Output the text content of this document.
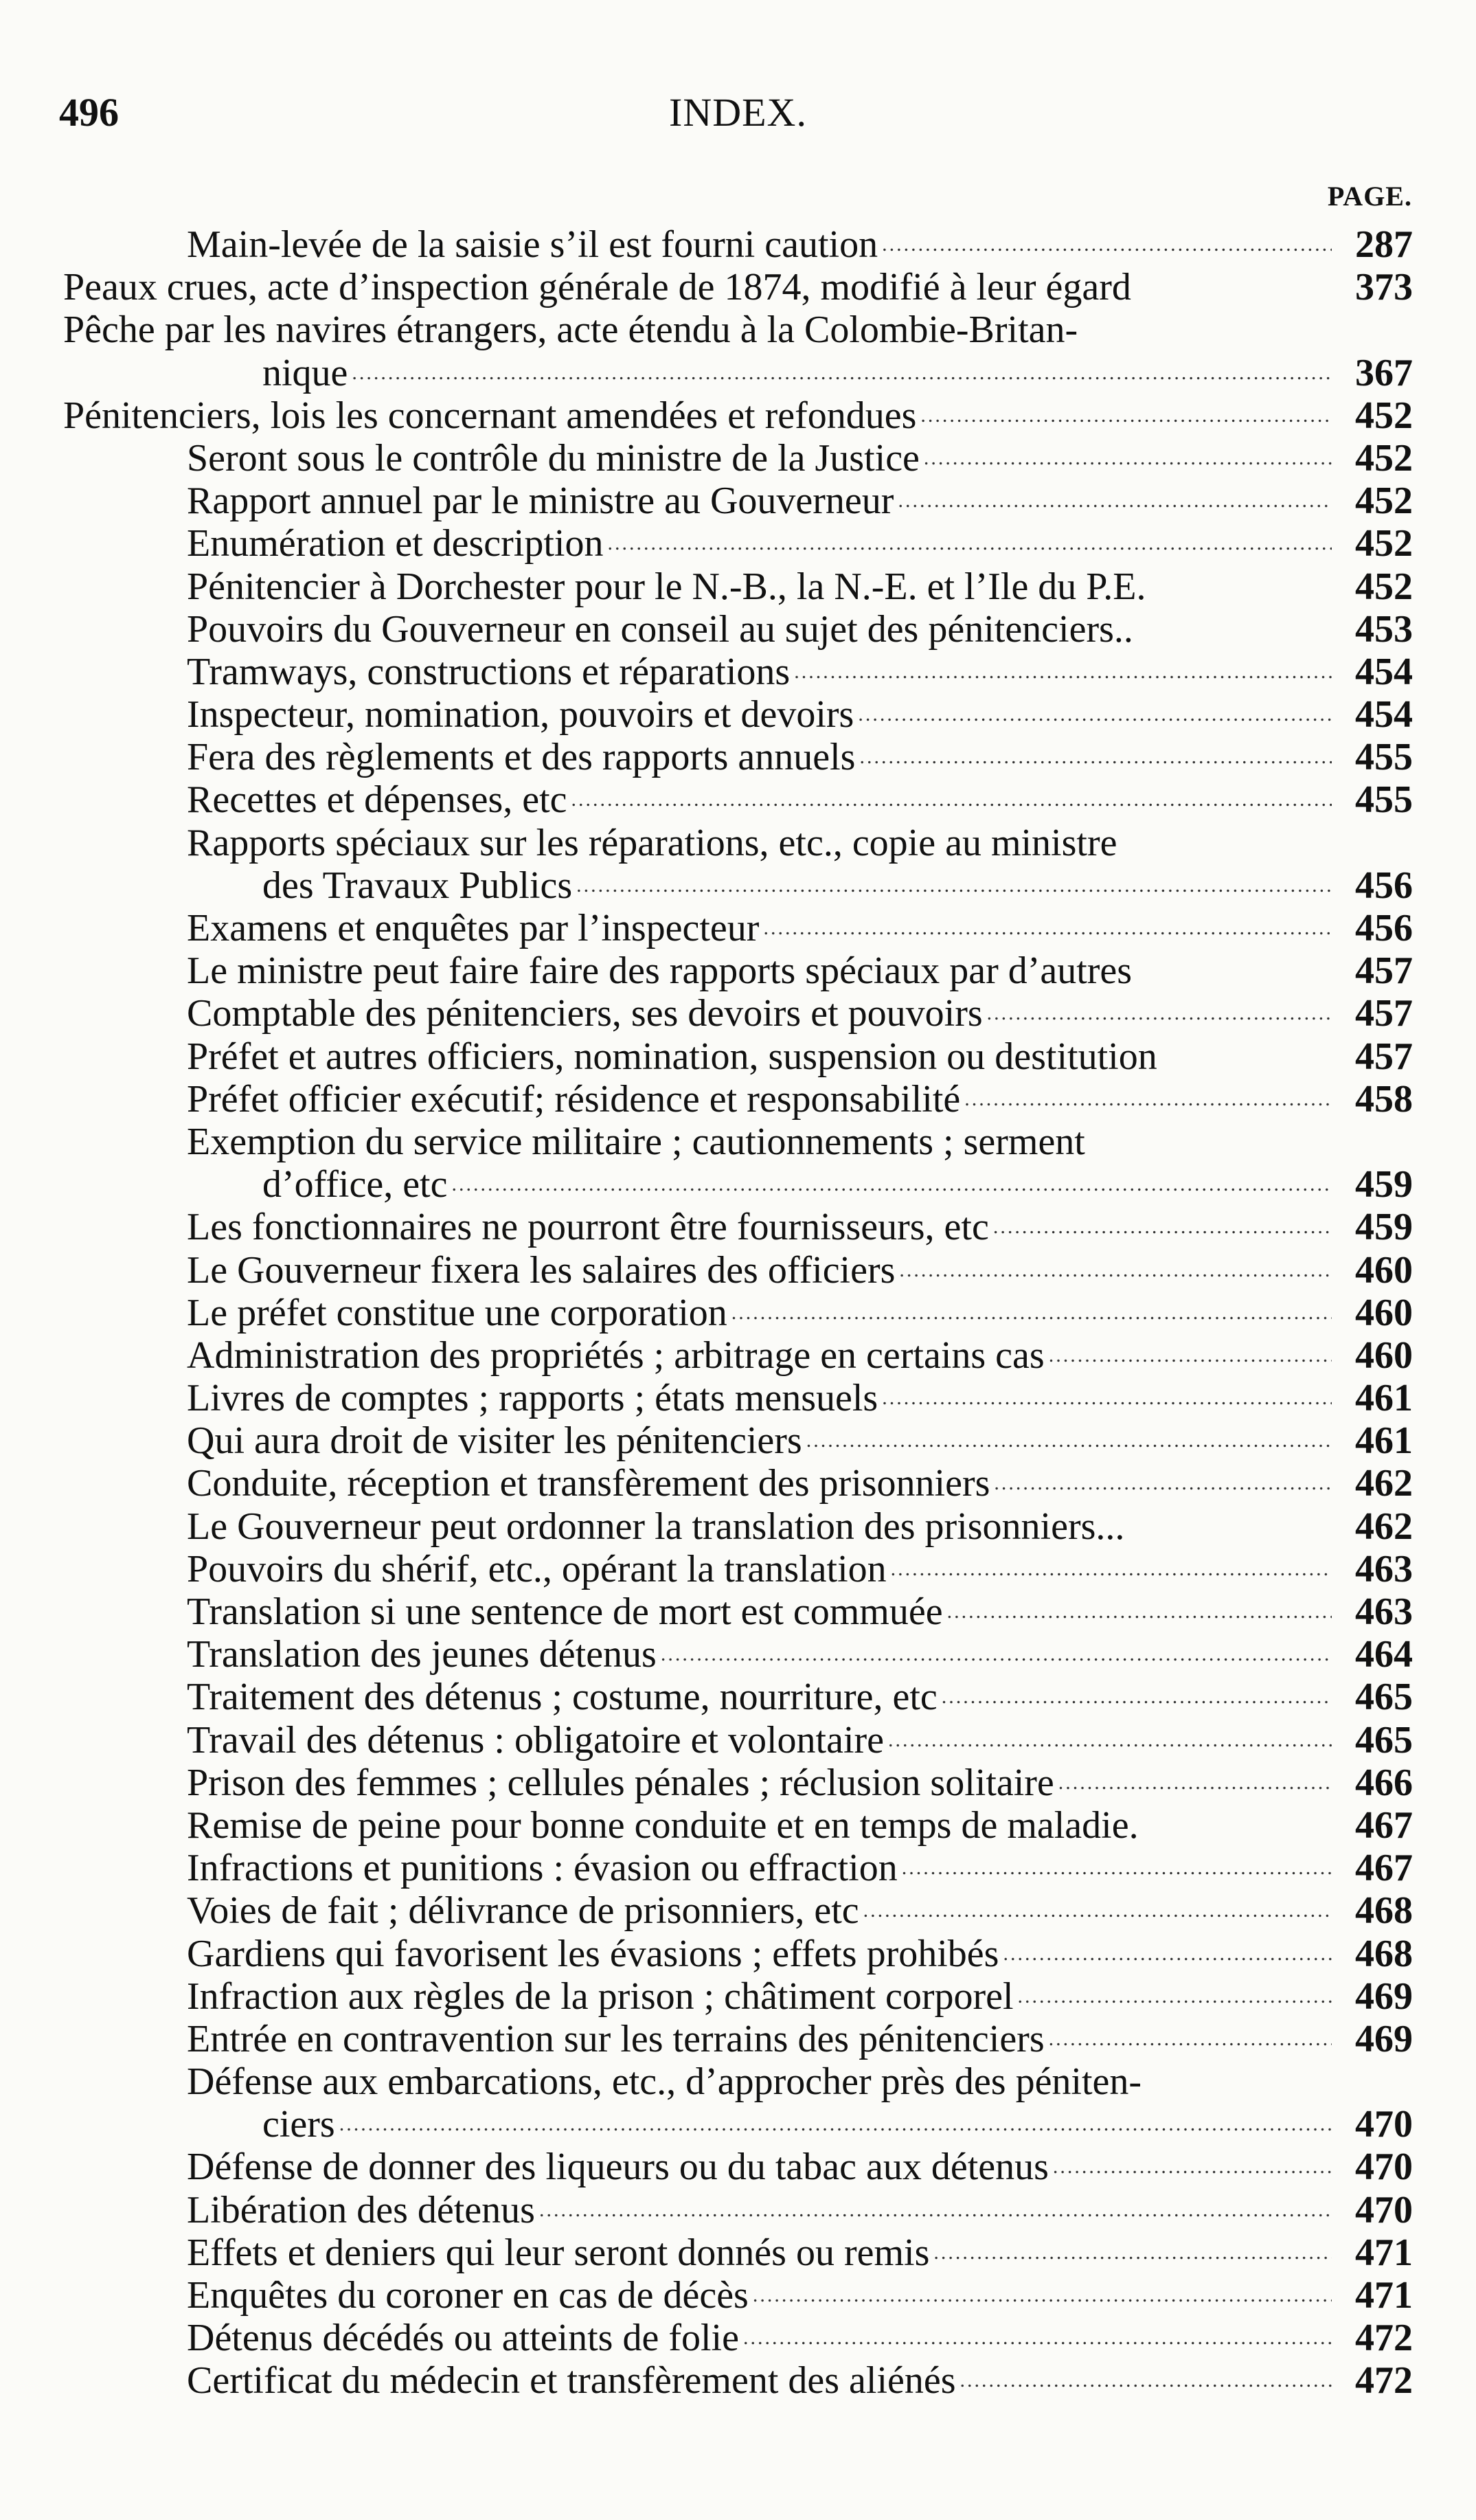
496	INDEX.
PAGE.
Main-levée de la saisie s’il est fourni caution .....	287
Peaux crues, acte d’inspection générale de 1874, modifié à leur égard	373
Pêche par les navires étrangers, acte étendu à la Colombie-Britan-
nique .....	367
Pénitenciers, lois les concernant amendées et refondues .....	452
Seront sous le contrôle du ministre de la Justice .....	452
Rapport annuel par le ministre au Gouverneur .....	452
Enumération et description .....	452
Pénitencier à Dorchester pour le N.-B., la N.-E. et l’Ile du P.E.	452
Pouvoirs du Gouverneur en conseil au sujet des pénitenciers..	453
Tramways, constructions et réparations .....	454
Inspecteur, nomination, pouvoirs et devoirs .....	454
Fera des règlements et des rapports annuels .....	455
Recettes et dépenses, etc .....	455
Rapports spéciaux sur les réparations, etc., copie au ministre
des Travaux Publics .....	456
Examens et enquêtes par l’inspecteur .....	456
Le ministre peut faire faire des rapports spéciaux par d’autres	457
Comptable des pénitenciers, ses devoirs et pouvoirs .....	457
Préfet et autres officiers, nomination, suspension ou destitution	457
Préfet officier exécutif; résidence et responsabilité .....	458
Exemption du service militaire ; cautionnements ; serment
d’office, etc .....	459
Les fonctionnaires ne pourront être fournisseurs, etc .....	459
Le Gouverneur fixera les salaires des officiers .....	460
Le préfet constitue une corporation .....	460
Administration des propriétés ; arbitrage en certains cas .....	460
Livres de comptes ; rapports ; états mensuels .....	461
Qui aura droit de visiter les pénitenciers .....	461
Conduite, réception et transfèrement des prisonniers .....	462
Le Gouverneur peut ordonner la translation des prisonniers...	462
Pouvoirs du shérif, etc., opérant la translation .....	463
Translation si une sentence de mort est commuée .....	463
Translation des jeunes détenus .....	464
Traitement des détenus ; costume, nourriture, etc .....	465
Travail des détenus : obligatoire et volontaire .....	465
Prison des femmes ; cellules pénales ; réclusion solitaire .....	466
Remise de peine pour bonne conduite et en temps de maladie.	467
Infractions et punitions : évasion ou effraction .....	467
Voies de fait ; délivrance de prisonniers, etc .....	468
Gardiens qui favorisent les évasions ; effets prohibés .....	468
Infraction aux règles de la prison ; châtiment corporel .....	469
Entrée en contravention sur les terrains des pénitenciers .....	469
Défense aux embarcations, etc., d’approcher près des péniten-
ciers .....	470
Défense de donner des liqueurs ou du tabac aux détenus .....	470
Libération des détenus .....	470
Effets et deniers qui leur seront donnés ou remis .....	471
Enquêtes du coroner en cas de décès .....	471
Détenus décédés ou atteints de folie .....	472
Certificat du médecin et transfèrement des aliénés .....	472
